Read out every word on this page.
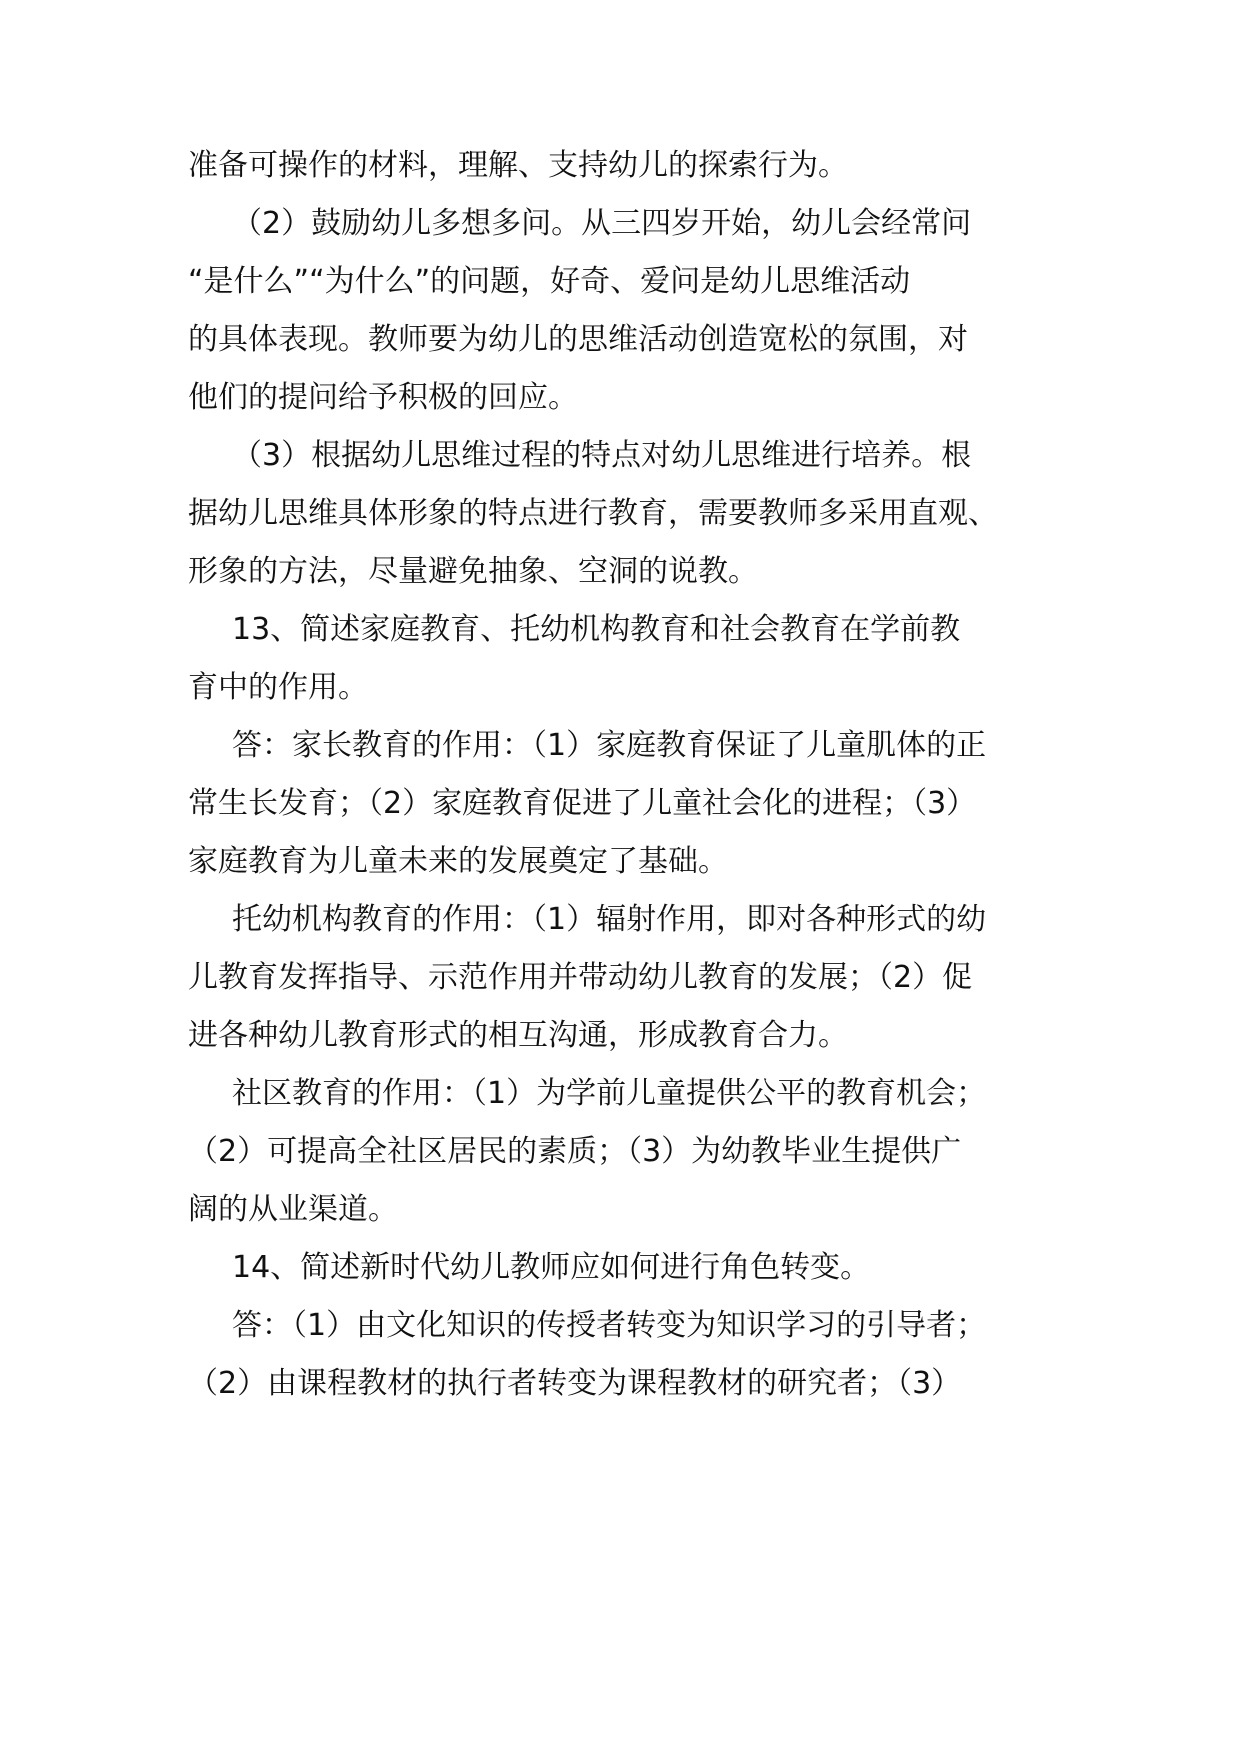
准备可操作的材料，理解、支持幼儿的探索行为。
（2）鼓励幼儿多想多问。从三四岁开始，幼儿会经常问
“是什么”“为什么”的问题，好奇、爱问是幼儿思维活动
的具体表现。教师要为幼儿的思维活动创造宽松的氛围，对
他们的提问给予积极的回应。
（3）根据幼儿思维过程的特点对幼儿思维进行培养。根
据幼儿思维具体形象的特点进行教育，需要教师多采用直观、
形象的方法，尽量避免抽象、空洞的说教。
13、简述家庭教育、托幼机构教育和社会教育在学前教
育中的作用。
答：家长教育的作用：（1）家庭教育保证了儿童肌体的正
常生长发育；（2）家庭教育促进了儿童社会化的进程；（3）
家庭教育为儿童未来的发展奠定了基础。
托幼机构教育的作用：（1）辐射作用，即对各种形式的幼
儿教育发挥指导、示范作用并带动幼儿教育的发展；（2）促
进各种幼儿教育形式的相互沟通，形成教育合力。
社区教育的作用：（1）为学前儿童提供公平的教育机会；
（2）可提高全社区居民的素质；（3）为幼教毕业生提供广
阔的从业渠道。
14、简述新时代幼儿教师应如何进行角色转变。
答：（1）由文化知识的传授者转变为知识学习的引导者；
（2）由课程教材的执行者转变为课程教材的研究者；（3）
